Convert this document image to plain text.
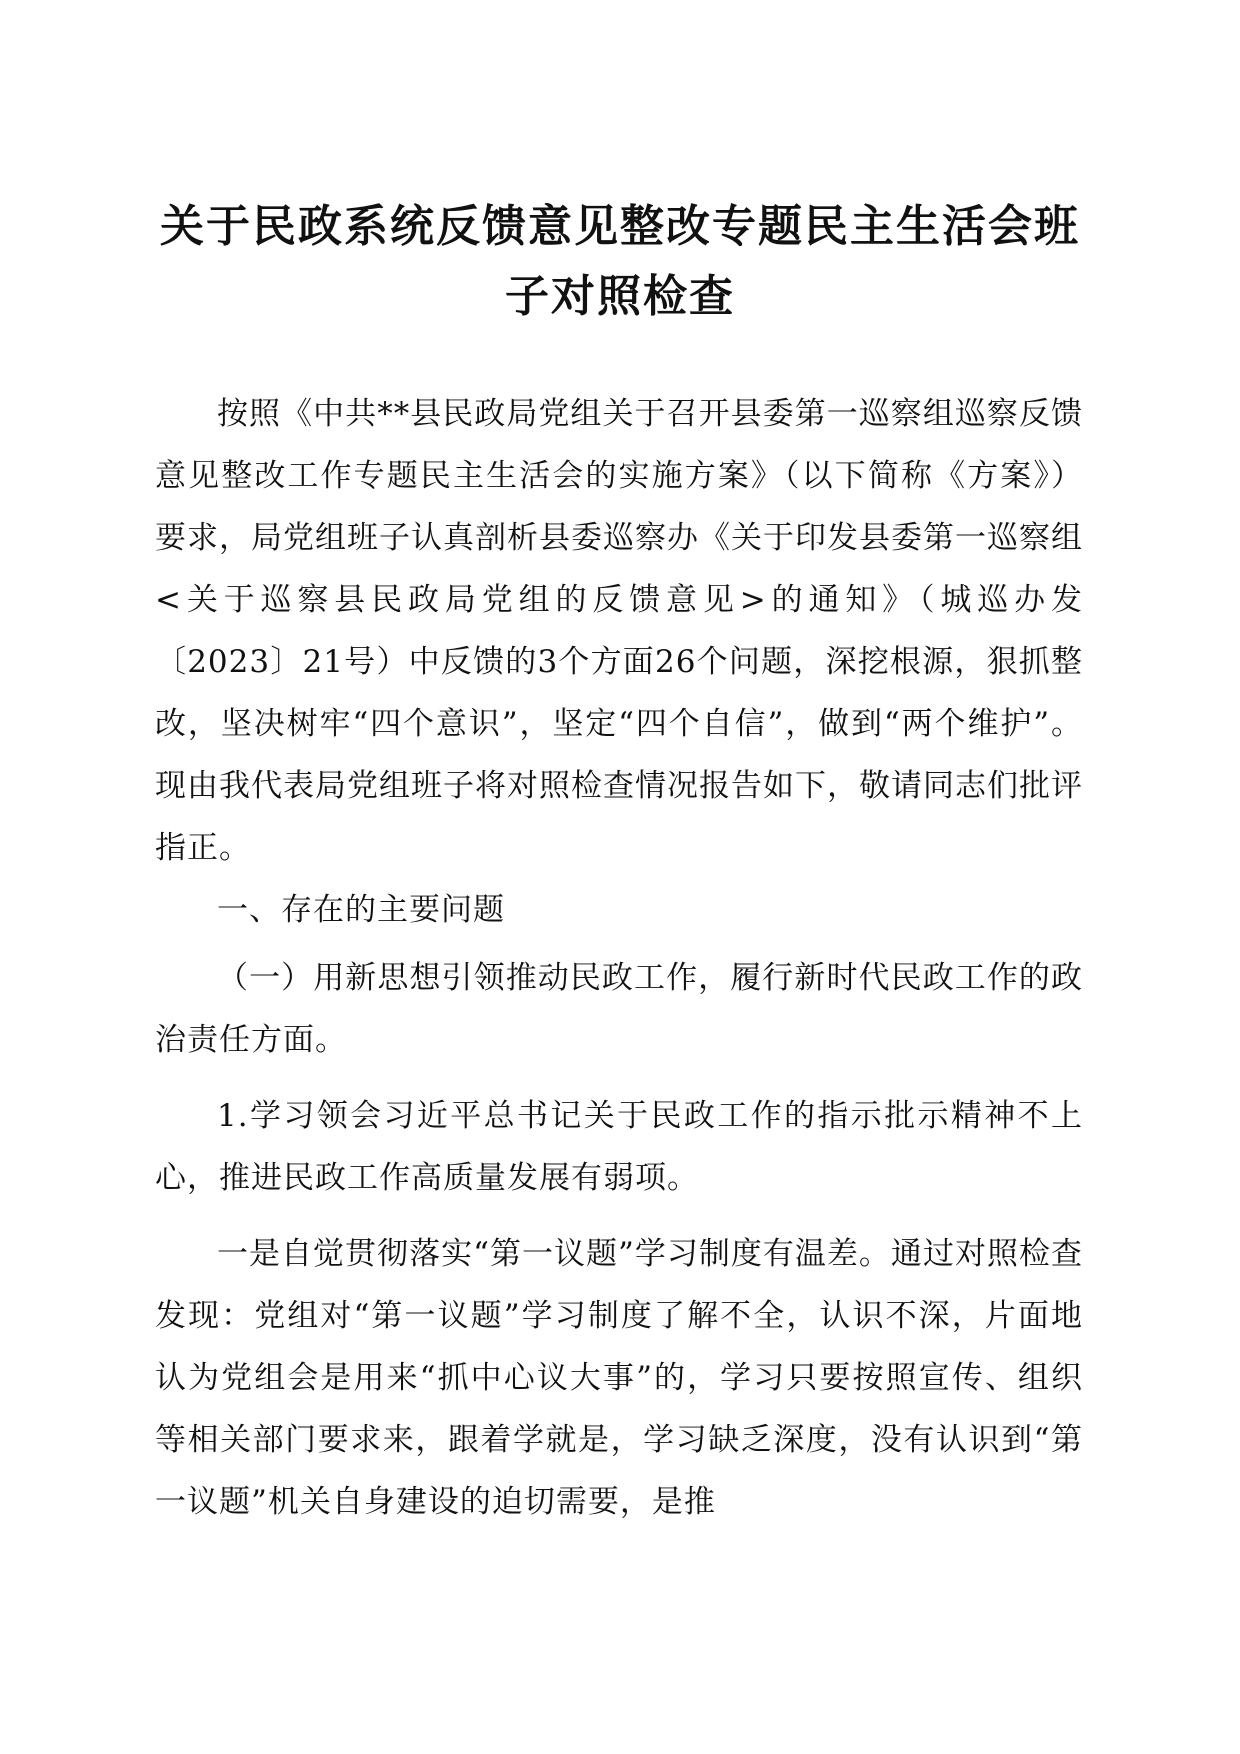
关于民政系统反馈意见整改专题民主生活会班
子对照检查

按照《中共**县民政局党组关于召开县委第一巡察组巡察反馈意见整改工作专题民主生活会的实施方案》（以下简称《方案》）要求，局党组班子认真剖析县委巡察办《关于印发县委第一巡察组<关于巡察县民政局党组的反馈意见>的通知》（城巡办发〔2023〕21号）中反馈的3个方面26个问题，深挖根源，狠抓整改，坚决树牢“四个意识”，坚定“四个自信”，做到“两个维护”。现由我代表局党组班子将对照检查情况报告如下，敬请同志们批评指正。

一、存在的主要问题

（一）用新思想引领推动民政工作，履行新时代民政工作的政治责任方面。

1.学习领会习近平总书记关于民政工作的指示批示精神不上心，推进民政工作高质量发展有弱项。

一是自觉贯彻落实“第一议题”学习制度有温差。通过对照检查发现：党组对“第一议题”学习制度了解不全，认识不深，片面地认为党组会是用来“抓中心议大事”的，学习只要按照宣传、组织等相关部门要求来，跟着学就是，学习缺乏深度，没有认识到“第一议题”机关自身建设的迫切需要，是推
